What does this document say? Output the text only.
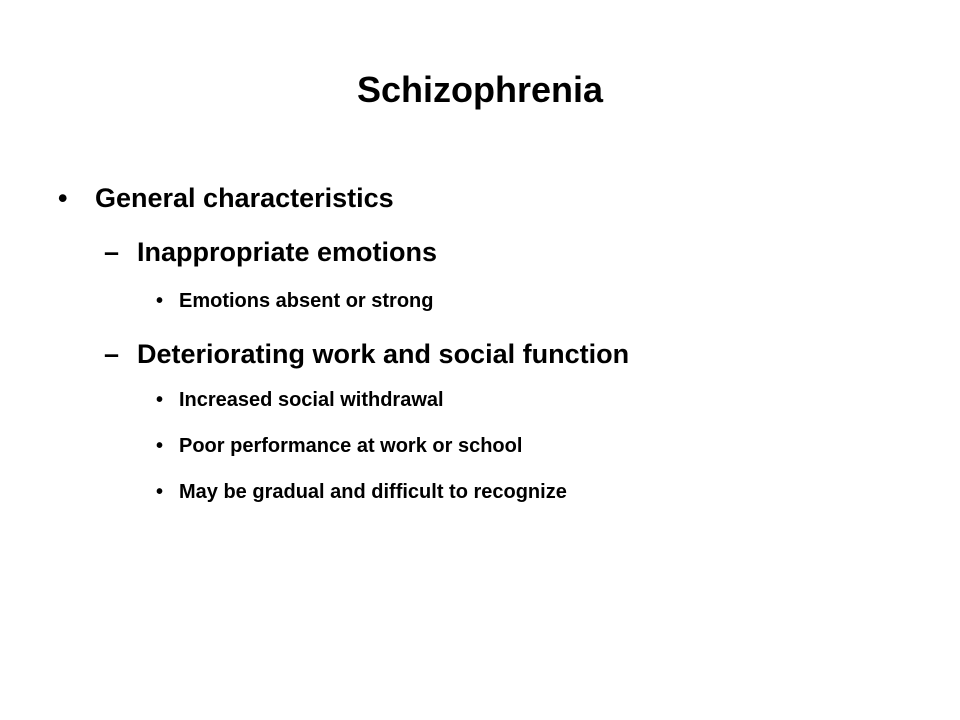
Schizophrenia
• General characteristics
– Inappropriate emotions
• Emotions absent or strong
– Deteriorating work and social function
• Increased social withdrawal
• Poor performance at work or school
• May be gradual and difficult to recognize
